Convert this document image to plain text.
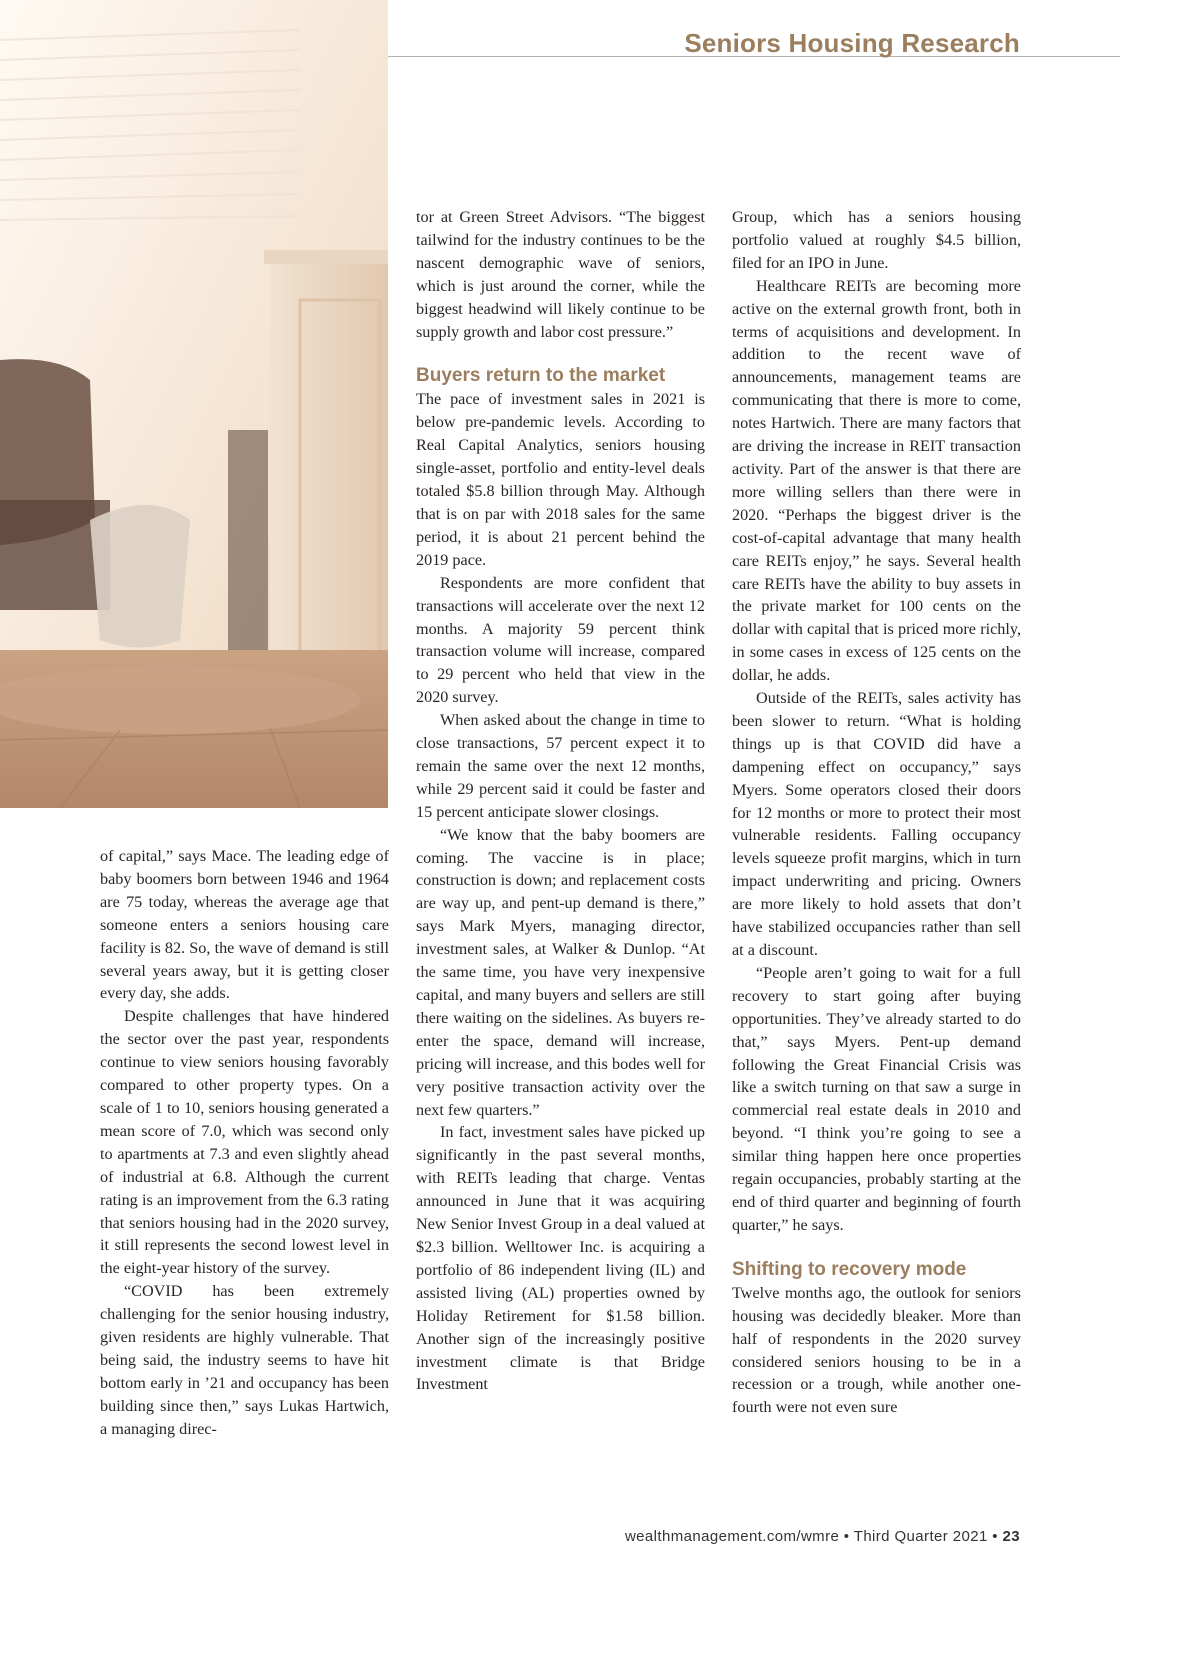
Seniors Housing Research

of capital,” says Mace. The leading edge of baby boomers born between 1946 and 1964 are 75 today, whereas the average age that someone enters a seniors housing care facility is 82. So, the wave of demand is still several years away, but it is getting closer every day, she adds.

Despite challenges that have hindered the sector over the past year, respondents continue to view seniors housing favorably compared to other property types. On a scale of 1 to 10, seniors housing generated a mean score of 7.0, which was second only to apartments at 7.3 and even slightly ahead of industrial at 6.8. Although the current rating is an improvement from the 6.3 rating that seniors housing had in the 2020 survey, it still represents the second lowest level in the eight-year history of the survey.

“COVID has been extremely challenging for the senior housing industry, given residents are highly vulnerable. That being said, the industry seems to have hit bottom early in ’21 and occupancy has been building since then,” says Lukas Hartwich, a managing direc-

tor at Green Street Advisors. “The biggest tailwind for the industry continues to be the nascent demographic wave of seniors, which is just around the corner, while the biggest headwind will likely continue to be supply growth and labor cost pressure.”

Buyers return to the market

The pace of investment sales in 2021 is below pre-pandemic levels. According to Real Capital Analytics, seniors housing single-asset, portfolio and entity-level deals totaled $5.8 billion through May. Although that is on par with 2018 sales for the same period, it is about 21 percent behind the 2019 pace.

Respondents are more confident that transactions will accelerate over the next 12 months. A majority 59 percent think transaction volume will increase, compared to 29 percent who held that view in the 2020 survey.

When asked about the change in time to close transactions, 57 percent expect it to remain the same over the next 12 months, while 29 percent said it could be faster and 15 percent anticipate slower closings.

“We know that the baby boomers are coming. The vaccine is in place; construction is down; and replacement costs are way up, and pent-up demand is there,” says Mark Myers, managing director, investment sales, at Walker & Dunlop. “At the same time, you have very inexpensive capital, and many buyers and sellers are still there waiting on the sidelines. As buyers re-enter the space, demand will increase, pricing will increase, and this bodes well for very positive transaction activity over the next few quarters.”

In fact, investment sales have picked up significantly in the past several months, with REITs leading that charge. Ventas announced in June that it was acquiring New Senior Invest Group in a deal valued at $2.3 billion. Welltower Inc. is acquiring a portfolio of 86 independent living (IL) and assisted living (AL) properties owned by Holiday Retirement for $1.58 billion. Another sign of the increasingly positive investment climate is that Bridge Investment

Group, which has a seniors housing portfolio valued at roughly $4.5 billion, filed for an IPO in June.

Healthcare REITs are becoming more active on the external growth front, both in terms of acquisitions and development. In addition to the recent wave of announcements, management teams are communicating that there is more to come, notes Hartwich. There are many factors that are driving the increase in REIT transaction activity. Part of the answer is that there are more willing sellers than there were in 2020. “Perhaps the biggest driver is the cost-of-capital advantage that many health care REITs enjoy,” he says. Several health care REITs have the ability to buy assets in the private market for 100 cents on the dollar with capital that is priced more richly, in some cases in excess of 125 cents on the dollar, he adds.

Outside of the REITs, sales activity has been slower to return. “What is holding things up is that COVID did have a dampening effect on occupancy,” says Myers. Some operators closed their doors for 12 months or more to protect their most vulnerable residents. Falling occupancy levels squeeze profit margins, which in turn impact underwriting and pricing. Owners are more likely to hold assets that don’t have stabilized occupancies rather than sell at a discount.

“People aren’t going to wait for a full recovery to start going after buying opportunities. They’ve already started to do that,” says Myers. Pent-up demand following the Great Financial Crisis was like a switch turning on that saw a surge in commercial real estate deals in 2010 and beyond. “I think you’re going to see a similar thing happen here once properties regain occupancies, probably starting at the end of third quarter and beginning of fourth quarter,” he says.

Shifting to recovery mode

Twelve months ago, the outlook for seniors housing was decidedly bleaker. More than half of respondents in the 2020 survey considered seniors housing to be in a recession or a trough, while another one-fourth were not even sure

wealthmanagement.com/wmre • Third Quarter 2021 • 23
